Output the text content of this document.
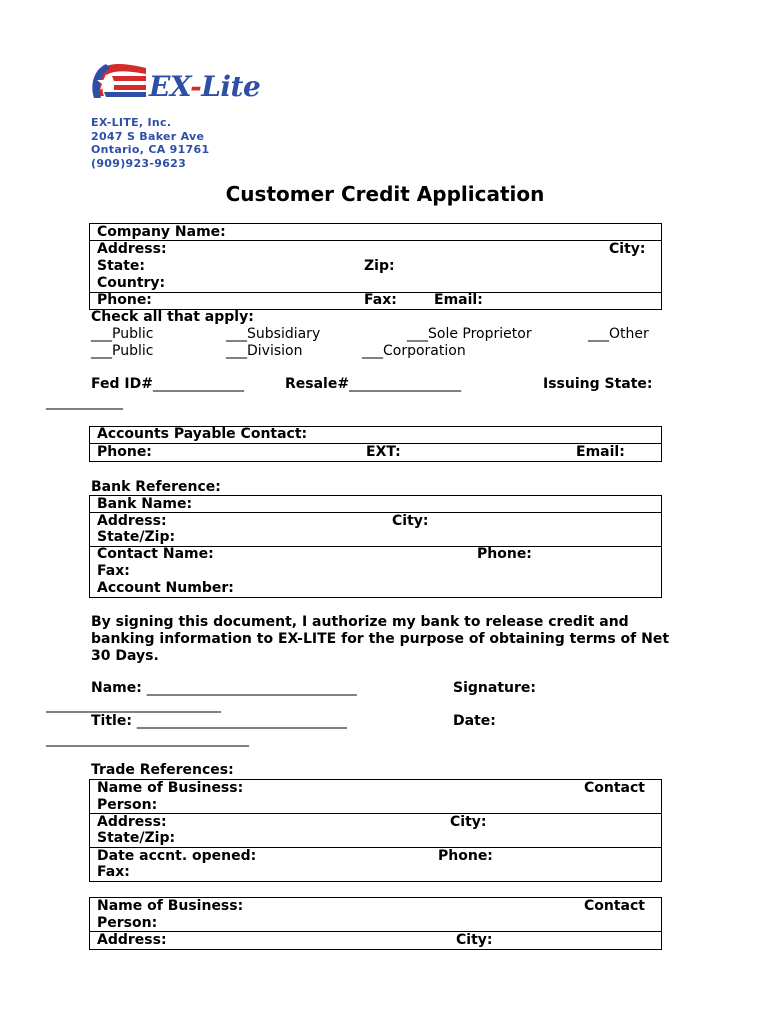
EX-Lite
EX-LITE, Inc.
2047 S Baker Ave
Ontario, CA 91761
(909)923-9623
Customer Credit Application
Company Name:
Address:	City:
State:	Zip:
Country:
Phone:	Fax:	Email:
Check all that apply:
___Public	___Subsidiary	___Sole Proprietor	___Other
___Public	___Division	___Corporation
Fed ID#_____________	Resale#________________	Issuing State:
___________
Accounts Payable Contact:
Phone:	EXT:	Email:
Bank Reference:
Bank Name:
Address:	City:
State/Zip:
Contact Name:	Phone:
Fax:
Account Number:
By signing this document, I authorize my bank to release credit and
banking information to EX-LITE for the purpose of obtaining terms of Net
30 Days.
Name: ______________________________	Signature:
_________________________
Title: ______________________________	Date:
_____________________________
Trade References:
Name of Business:	Contact
Person:
Address:	City:
State/Zip:
Date accnt. opened:	Phone:
Fax:
Name of Business:	Contact
Person:
Address:	City:
